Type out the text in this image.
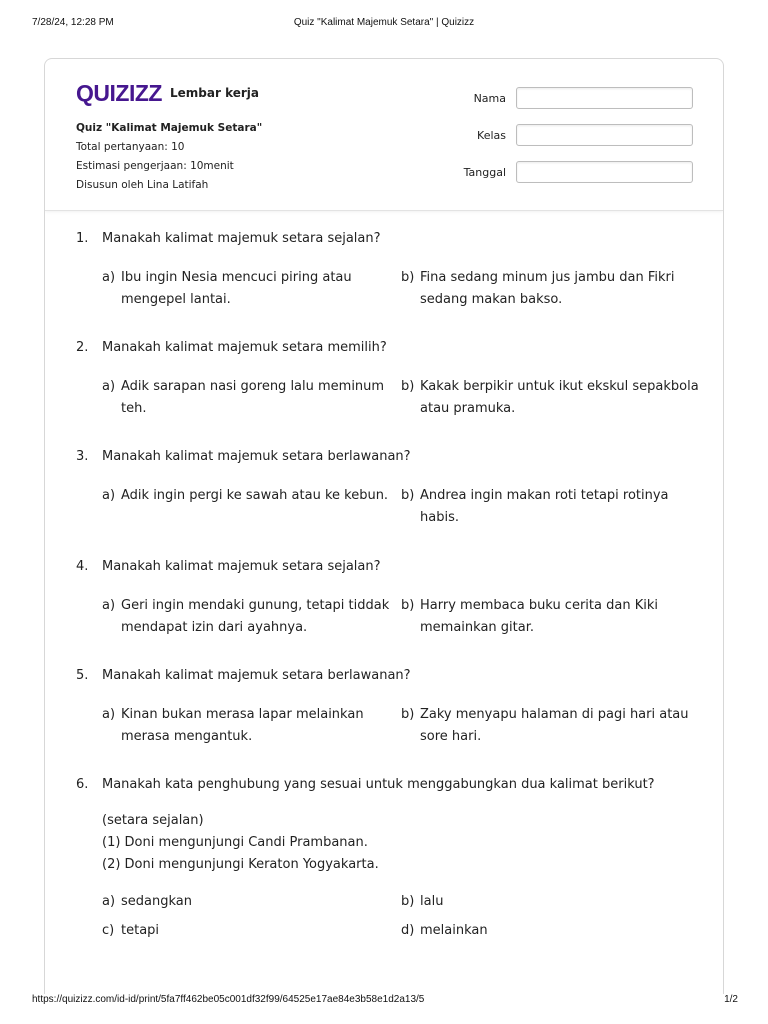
7/28/24, 12:28 PM	Quiz "Kalimat Majemuk Setara" | Quizizz
QUIZIZZ Lembar kerja
Quiz "Kalimat Majemuk Setara"
Total pertanyaan: 10
Estimasi pengerjaan: 10menit
Disusun oleh Lina Latifah
Nama
Kelas
Tanggal
1.	Manakah kalimat majemuk setara sejalan?
a) Ibu ingin Nesia mencuci piring atau mengepel lantai.
b) Fina sedang minum jus jambu dan Fikri sedang makan bakso.
2.	Manakah kalimat majemuk setara memilih?
a) Adik sarapan nasi goreng lalu meminum teh.
b) Kakak berpikir untuk ikut ekskul sepakbola atau pramuka.
3.	Manakah kalimat majemuk setara berlawanan?
a) Adik ingin pergi ke sawah atau ke kebun. b) Andrea ingin makan roti tetapi rotinya habis.
4.	Manakah kalimat majemuk setara sejalan?
a) Geri ingin mendaki gunung, tetapi tiddak mendapat izin dari ayahnya.
b) Harry membaca buku cerita dan Kiki memainkan gitar.
5.	Manakah kalimat majemuk setara berlawanan?
a) Kinan bukan merasa lapar melainkan merasa mengantuk.
b) Zaky menyapu halaman di pagi hari atau sore hari.
6.	Manakah kata penghubung yang sesuai untuk menggabungkan dua kalimat berikut?
(setara sejalan)
(1) Doni mengunjungi Candi Prambanan.
(2) Doni mengunjungi Keraton Yogyakarta.
a) sedangkan	b) lalu
c) tetapi	d) melainkan
https://quizizz.com/id-id/print/5fa7ff462be05c001df32f99/64525e17ae84e3b58e1d2a13/5	1/2
